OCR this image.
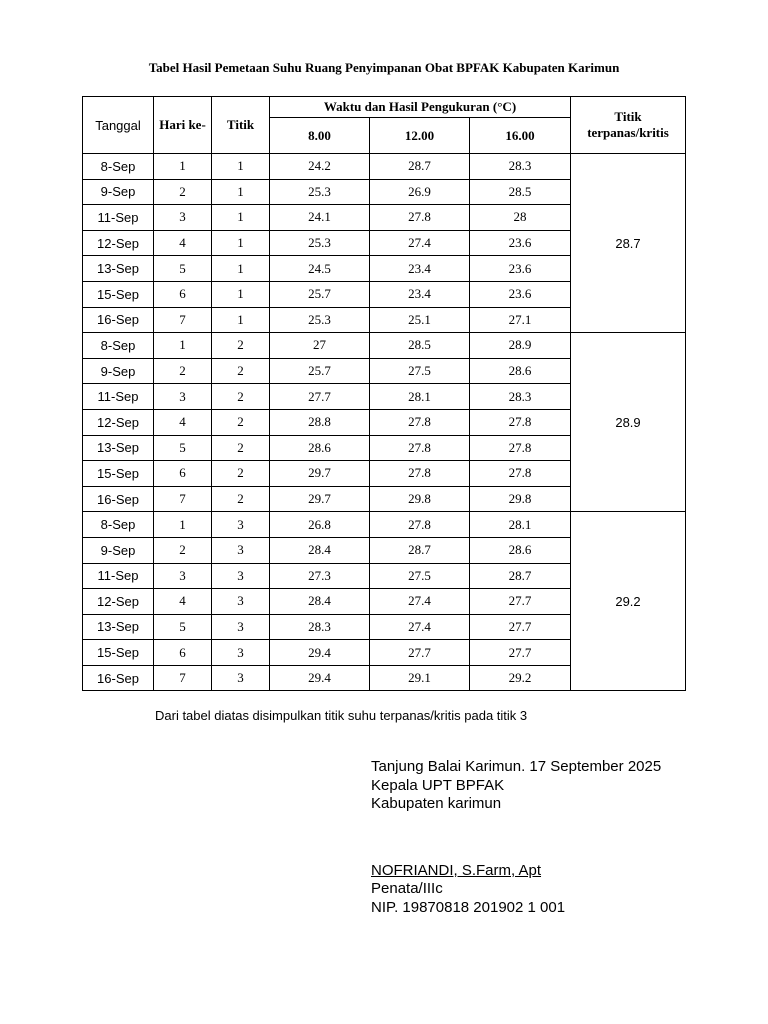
Tabel Hasil Pemetaan Suhu Ruang Penyimpanan Obat BPFAK Kabupaten Karimun
Tanggal	Hari ke-	Titik	Waktu dan Hasil Pengukuran (°C)			Titik
terpanas/kritis

			8.00	12.00	16.00	
8-Sep	1	1	24.2	28.7	28.3	28.7
9-Sep	2	1	25.3	26.9	28.5	
11-Sep	3	1	24.1	27.8	28	
12-Sep	4	1	25.3	27.4	23.6	
13-Sep	5	1	24.5	23.4	23.6	
15-Sep	6	1	25.7	23.4	23.6	
16-Sep	7	1	25.3	25.1	27.1	
8-Sep	1	2	27	28.5	28.9	28.9
9-Sep	2	2	25.7	27.5	28.6	
11-Sep	3	2	27.7	28.1	28.3	
12-Sep	4	2	28.8	27.8	27.8	
13-Sep	5	2	28.6	27.8	27.8	
15-Sep	6	2	29.7	27.8	27.8	
16-Sep	7	2	29.7	29.8	29.8	
8-Sep	1	3	26.8	27.8	28.1	29.2
9-Sep	2	3	28.4	28.7	28.6	
11-Sep	3	3	27.3	27.5	28.7	
12-Sep	4	3	28.4	27.4	27.7	
13-Sep	5	3	28.3	27.4	27.7	
15-Sep	6	3	29.4	27.7	27.7	
16-Sep	7	3	29.4	29.1	29.2	
Dari tabel diatas disimpulkan titik suhu terpanas/kritis pada titik 3
Tanjung Balai Karimun. 17 September 2025
Kepala UPT BPFAK
Kabupaten karimun
NOFRIANDI, S.Farm, Apt
Penata/IIIc
NIP. 19870818 201902 1 001
